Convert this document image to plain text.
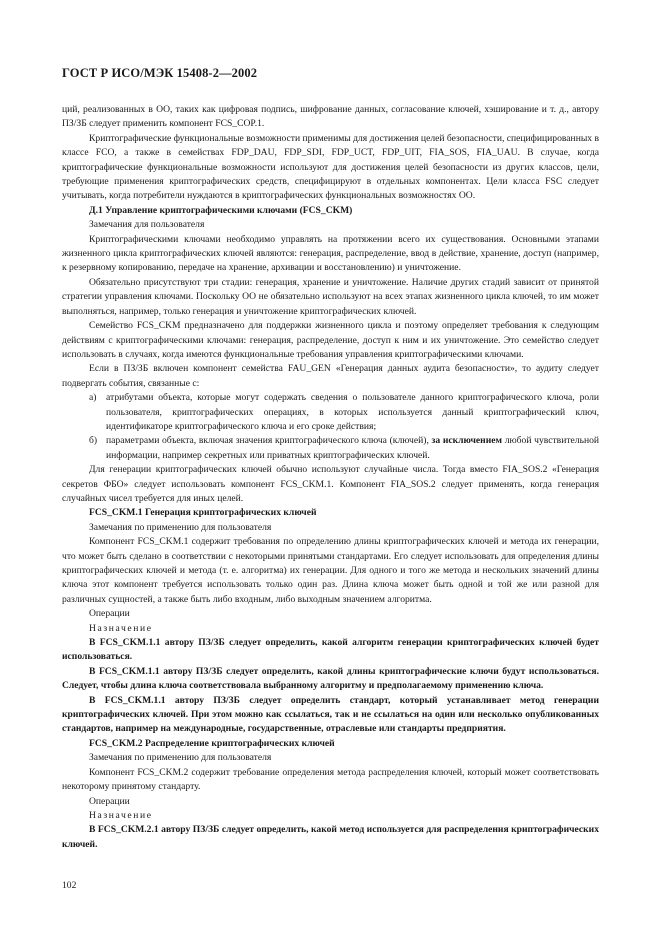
ГОСТ Р ИСО/МЭК 15408-2—2002

ций, реализованных в ОО, таких как цифровая подпись, шифрование данных, согласование ключей, хэширование и т. д., автору ПЗ/ЗБ следует применить компонент FCS_COP.1.

Криптографические функциональные возможности применимы для достижения целей безопасности, специфицированных в классе FCO, а также в семействах FDP_DAU, FDP_SDI, FDP_UCT, FDP_UIT, FIA_SOS, FIA_UAU. В случае, когда криптографические функциональные возможности используют для достижения целей безопасности из других классов, цели, требующие применения криптографических средств, специфицируют в отдельных компонентах. Цели класса FSC следует учитывать, когда потребители нуждаются в криптографических функциональных возможностях ОО.

Д.1 Управление криптографическими ключами (FCS_CKM)

Замечания для пользователя

Криптографическими ключами необходимо управлять на протяжении всего их существования. Основными этапами жизненного цикла криптографических ключей являются: генерация, распределение, ввод в действие, хранение, доступ (например, к резервному копированию, передаче на хранение, архивации и восстановлению) и уничтожение.

Обязательно присутствуют три стадии: генерация, хранение и уничтожение. Наличие других стадий зависит от принятой стратегии управления ключами. Поскольку ОО не обязательно используют на всех этапах жизненного цикла ключей, то им может выполняться, например, только генерация и уничтожение криптографических ключей.

Семейство FCS_CKM предназначено для поддержки жизненного цикла и поэтому определяет требования к следующим действиям с криптографическими ключами: генерация, распределение, доступ к ним и их уничтожение. Это семейство следует использовать в случаях, когда имеются функциональные требования управления криптографическими ключами.

Если в ПЗ/ЗБ включен компонент семейства FAU_GEN «Генерация данных аудита безопасности», то аудиту следует подвергать события, связанные с:

а) атрибутами объекта, которые могут содержать сведения о пользователе данного криптографического ключа, роли пользователя, криптографических операциях, в которых используется данный криптографический ключ, идентификаторе криптографического ключа и его сроке действия;

б) параметрами объекта, включая значения криптографического ключа (ключей), за исключением любой чувствительной информации, например секретных или приватных криптографических ключей.

Для генерации криптографических ключей обычно используют случайные числа. Тогда вместо FIA_SOS.2 «Генерация секретов ФБО» следует использовать компонент FCS_CKM.1. Компонент FIA_SOS.2 следует применять, когда генерация случайных чисел требуется для иных целей.

FCS_CKM.1 Генерация криптографических ключей

Замечания по применению для пользователя

Компонент FCS_CKM.1 содержит требования по определению длины криптографических ключей и метода их генерации, что может быть сделано в соответствии с некоторыми принятыми стандартами. Его следует использовать для определения длины криптографических ключей и метода (т. е. алгоритма) их генерации. Для одного и того же метода и нескольких значений длины ключа этот компонент требуется использовать только один раз. Длина ключа может быть одной и той же или разной для различных сущностей, а также быть либо входным, либо выходным значением алгоритма.

Операции

Назначение

В FCS_CKM.1.1 автору ПЗ/ЗБ следует определить, какой алгоритм генерации криптографических ключей будет использоваться.

В FCS_CKM.1.1 автору ПЗ/ЗБ следует определить, какой длины криптографические ключи будут использоваться. Следует, чтобы длина ключа соответствовала выбранному алгоритму и предполагаемому применению ключа.

В FCS_CKM.1.1 автору ПЗ/ЗБ следует определить стандарт, который устанавливает метод генерации криптографических ключей. При этом можно как ссылаться, так и не ссылаться на один или несколько опубликованных стандартов, например на международные, государственные, отраслевые или стандарты предприятия.

FCS_CKM.2 Распределение криптографических ключей

Замечания по применению для пользователя

Компонент FCS_CKM.2 содержит требование определения метода распределения ключей, который может соответствовать некоторому принятому стандарту.

Операции

Назначение

В FCS_CKM.2.1 автору ПЗ/ЗБ следует определить, какой метод используется для распределения криптографических ключей.

102
